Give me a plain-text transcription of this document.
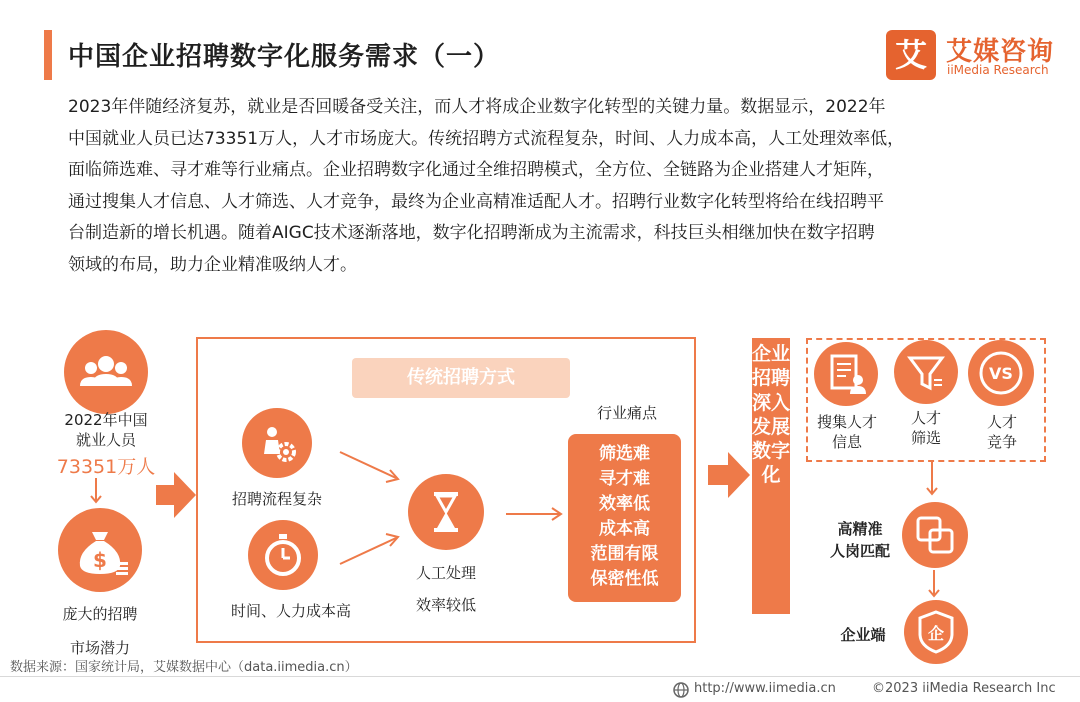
中国企业招聘数字化服务需求（一）	艾 艾媒咨询
iiMedia Research
2023年伴随经济复苏，就业是否回暖备受关注，而人才将成企业数字化转型的关键力量。数据显示，2022年
中国就业人员已达73351万人，人才市场庞大。传统招聘方式流程复杂，时间、人力成本高，人工处理效率低，
面临筛选难、寻才难等行业痛点。企业招聘数字化通过全维招聘模式，全方位、全链路为企业搭建人才矩阵，
通过搜集人才信息、人才筛选、人才竞争，最终为企业高精准适配人才。招聘行业数字化转型将给在线招聘平
台制造新的增长机遇。随着AIGC技术逐渐落地，数字化招聘渐成为主流需求，科技巨头相继加快在数字招聘
领域的布局，助力企业精准吸纳人才。
2022年中国
就业人员
73351万人
$
庞大的招聘
市场潜力
传统招聘方式
招聘流程复杂
时间、人力成本高
人工处理
效率较低
行业痛点
筛选难
寻才难
效率低
成本高
范围有限
保密性低
企业招聘深入发展数字化
搜集人才
信息
人才
筛选
VS
人才
竞争
高精准
人岗匹配
企
企业端
数据来源：国家统计局，艾媒数据中心（data.iimedia.cn）
http://www.iimedia.cn	©2023 iiMedia Research Inc
